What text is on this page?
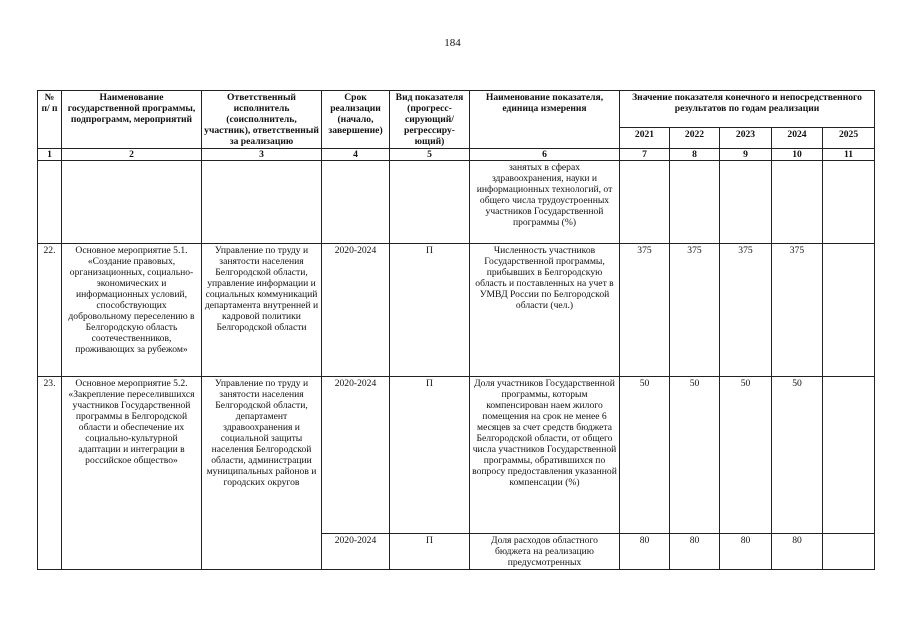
184
№ п/ п	Наименование государственной программы, подпрограмм, мероприятий	Ответственный исполнитель (соисполнитель, участник), ответственный за реализацию	Срок реализации (начало, завершение)	Вид показателя (прогресс-сирующий/ регрессиру-ющий)	Наименование показателя, единица измерения	Значение показателя конечного и непосредственного результатов по годам реализации				
						2021	2022	2023	2024	2025
1	2	3	4	5	6	7	8	9	10	11
					занятых в сферах здравоохранения, науки и информационных технологий, от общего числа трудоустроенных участников Государственной программы (%)					
22.	Основное мероприятие 5.1. «Создание правовых, организационных, социально-экономических и информационных условий, способствующих добровольному переселению в Белгородскую область соотечественников, проживающих за рубежом»	Управление по труду и занятости населения Белгородской области, управление информации и социальных коммуникаций департамента внутренней и кадровой политики Белгородской области	2020-2024	П	Численность участников Государственной программы, прибывших в Белгородскую область и поставленных на учет в УМВД России по Белгородской области (чел.)	375	375	375	375	
23.	Основное мероприятие 5.2. «Закрепление переселившихся участников Государственной программы в Белгородской области и обеспечение их социально-культурной адаптации и интеграции в российское общество»	Управление по труду и занятости населения Белгородской области, департамент здравоохранения и социальной защиты населения Белгородской области, администрации муниципальных районов и городских округов	2020-2024	П	Доля участников Государственной программы, которым компенсирован наем жилого помещения на срок не менее 6 месяцев за счет средств бюджета Белгородской области, от общего числа участников Государственной программы, обратившихся по вопросу предоставления указанной компенсации (%)	50	50	50	50	
			2020-2024	П	Доля расходов областного бюджета на реализацию предусмотренных	80	80	80	80	
